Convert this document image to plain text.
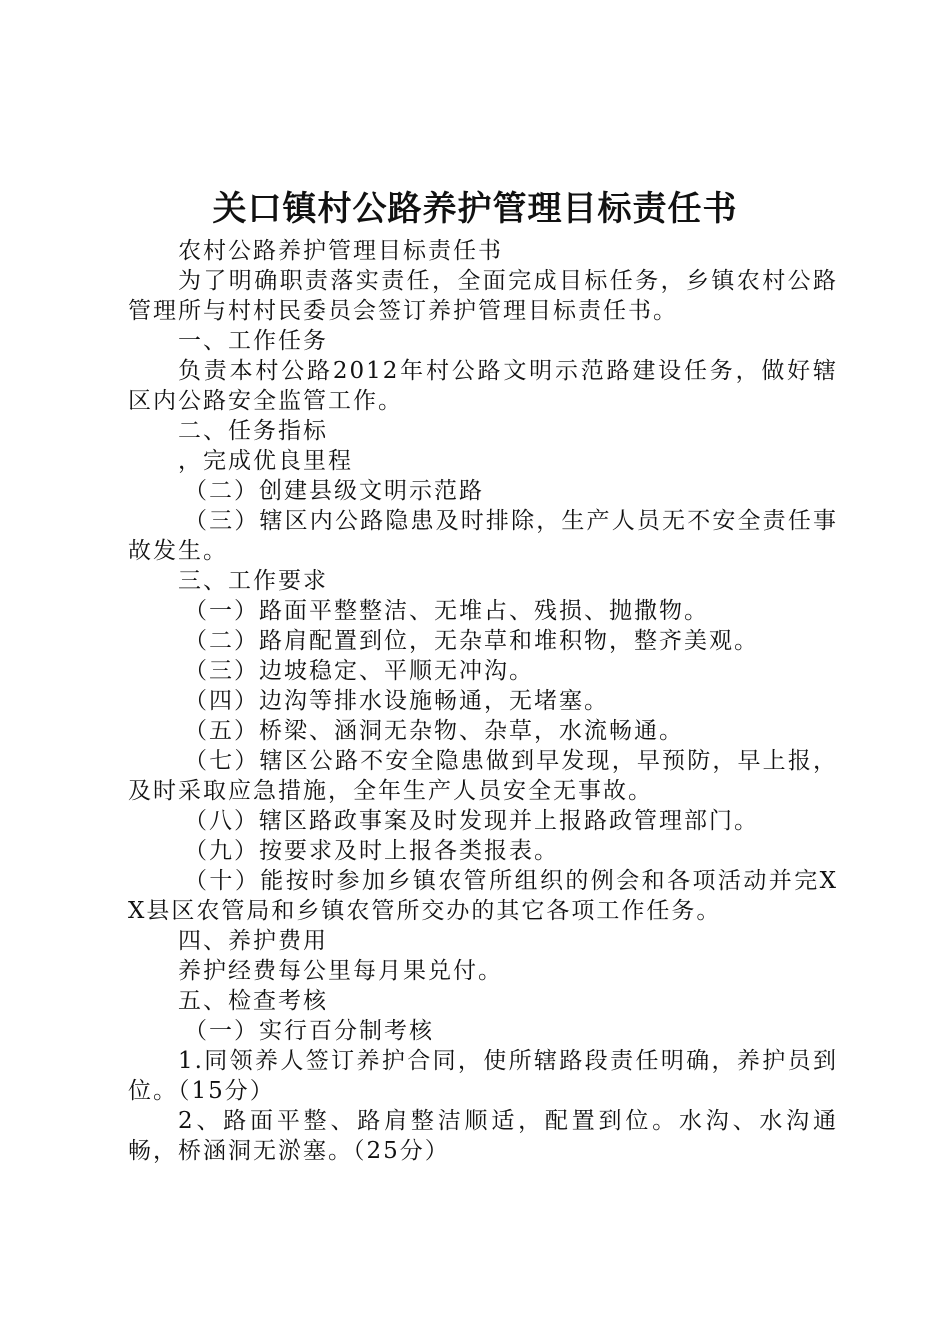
关口镇村公路养护管理目标责任书

农村公路养护管理目标责任书

为了明确职责落实责任，全面完成目标任务，乡镇农村公路管理所与村村民委员会签订养护管理目标责任书。

一、工作任务

负责本村公路2012年村公路文明示范路建设任务，做好辖区内公路安全监管工作。

二、任务指标

，完成优良里程

（二）创建县级文明示范路

（三）辖区内公路隐患及时排除，生产人员无不安全责任事故发生。

三、工作要求

（一）路面平整整洁、无堆占、残损、抛撒物。

（二）路肩配置到位，无杂草和堆积物，整齐美观。

（三）边坡稳定、平顺无冲沟。

（四）边沟等排水设施畅通，无堵塞。

（五）桥梁、涵洞无杂物、杂草，水流畅通。

（七）辖区公路不安全隐患做到早发现，早预防，早上报，及时采取应急措施，全年生产人员安全无事故。

（八）辖区路政事案及时发现并上报路政管理部门。

（九）按要求及时上报各类报表。

（十）能按时参加乡镇农管所组织的例会和各项活动并完XX县区农管局和乡镇农管所交办的其它各项工作任务。

四、养护费用

养护经费每公里每月果兑付。

五、检查考核

（一）实行百分制考核

1.同领养人签订养护合同，使所辖路段责任明确，养护员到位。（15分）

2、路面平整、路肩整洁顺适，配置到位。水沟、水沟通畅，桥涵洞无淤塞。（25分）
